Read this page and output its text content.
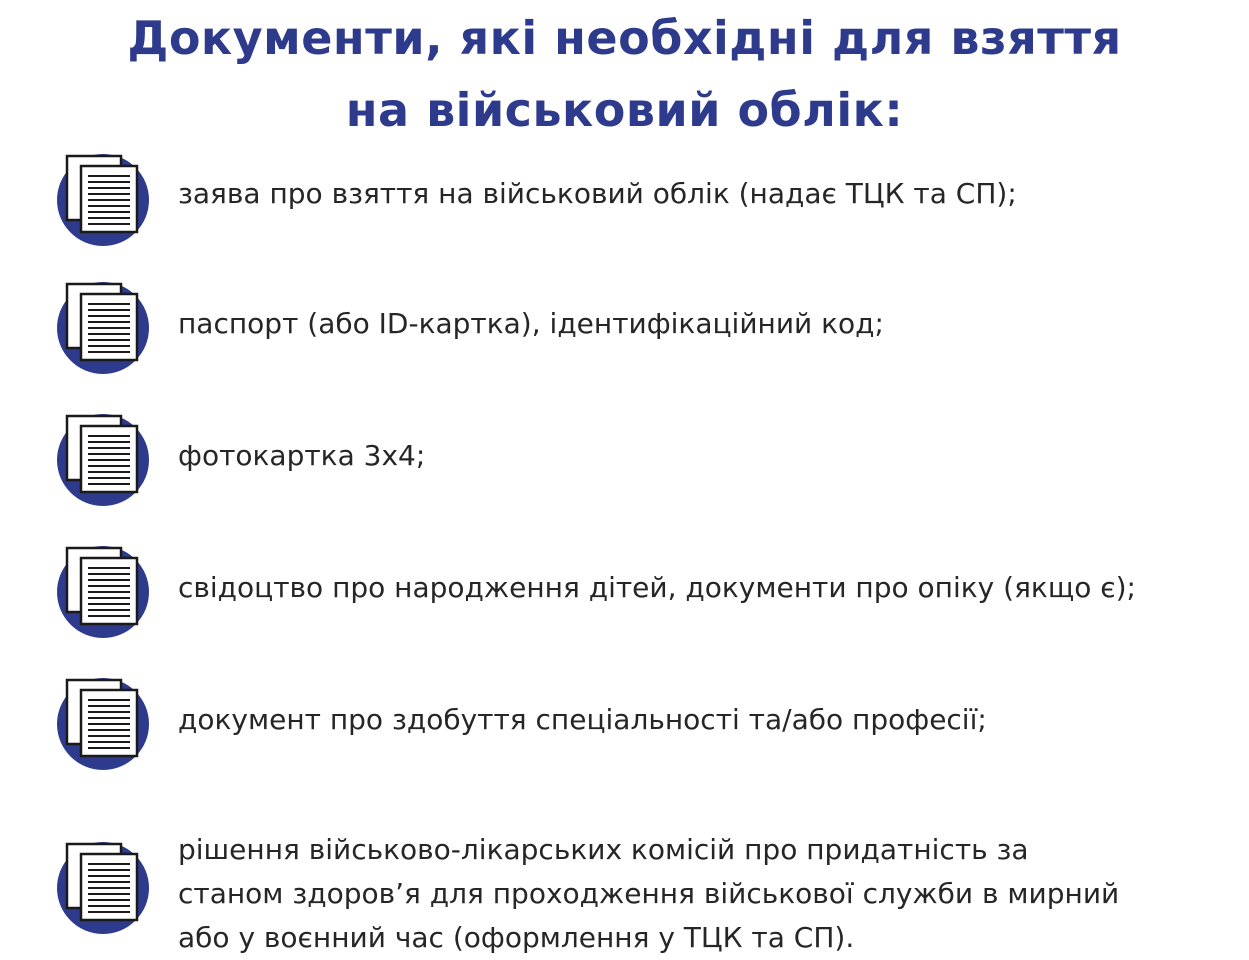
Документи, які необхідні для взяття
на військовий облік:
заява про взяття на військовий облік (надає ТЦК та СП);
паспорт (або ID-картка), ідентифікаційний код;
фотокартка 3x4;
свідоцтво про народження дітей, документи про опіку (якщо є);
документ про здобуття спеціальності та/або професії;
рішення військово-лікарських комісій про придатність за
станом здоров’я для проходження військової служби в мирний
або у воєнний час (оформлення у ТЦК та СП).
